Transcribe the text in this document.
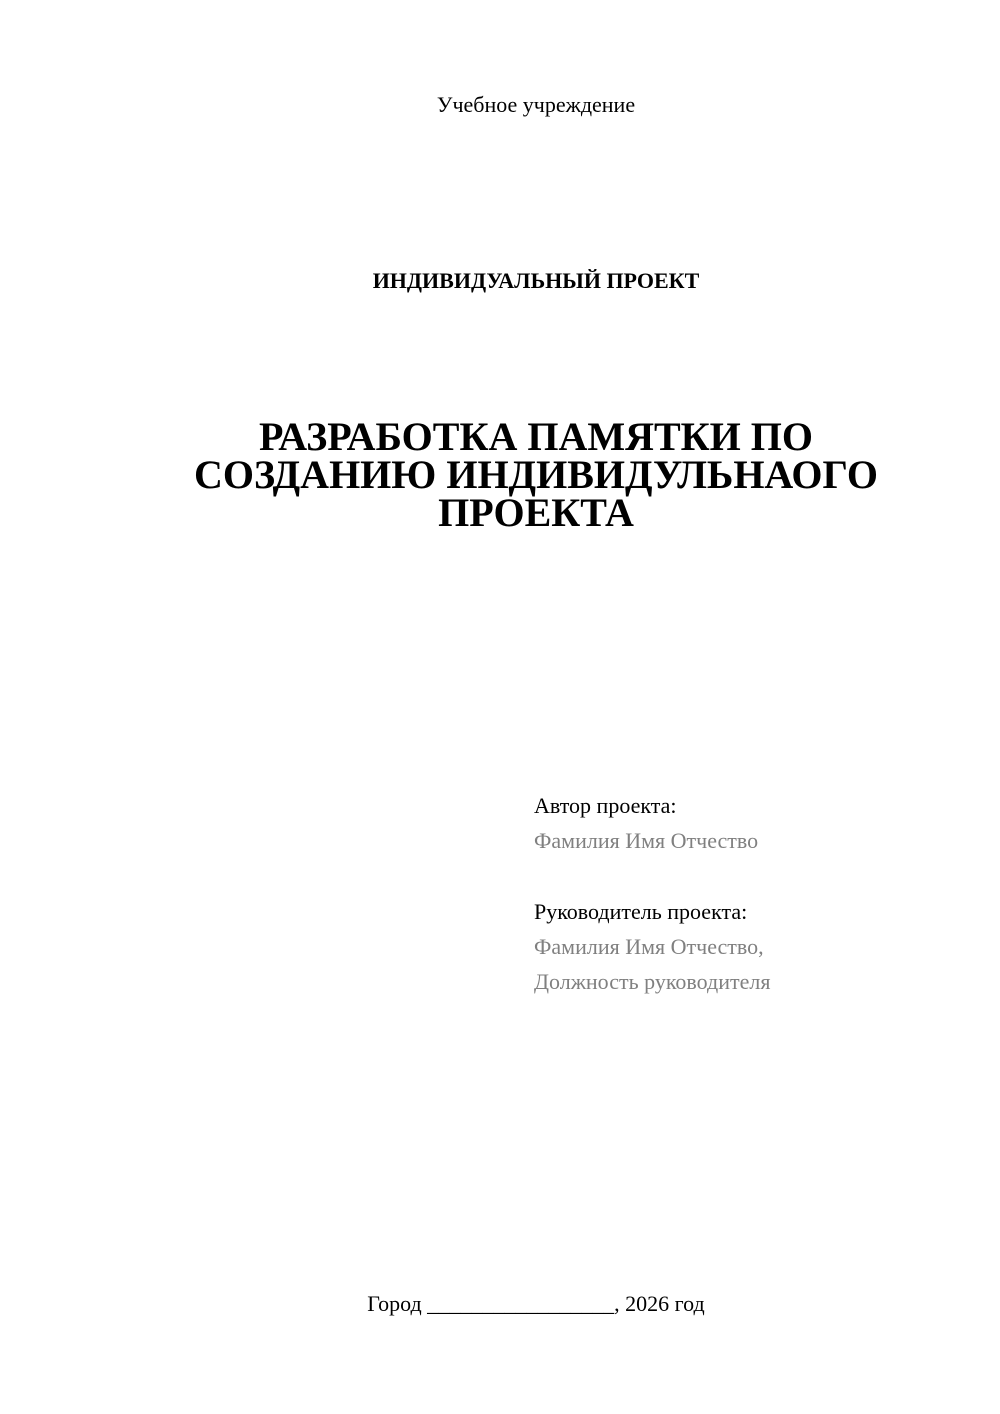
Учебное учреждение
ИНДИВИДУАЛЬНЫЙ ПРОЕКТ
РАЗРАБОТКА ПАМЯТКИ ПО
СОЗДАНИЮ ИНДИВИДУЛЬНАОГО
ПРОЕКТА
Автор проекта:
Фамилия Имя Отчество
Руководитель проекта:
Фамилия Имя Отчество,
Должность руководителя
Город _________________, 2026 год
